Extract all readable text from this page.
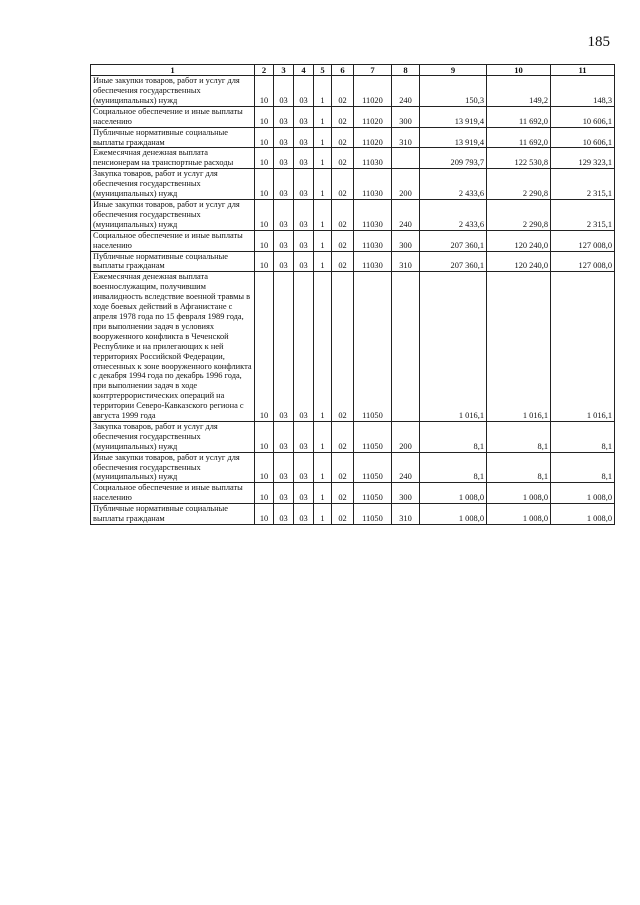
185
1	2	3	4	5	6	7	8	9	10	11
Иные закупки товаров, работ и услуг для обеспечения государственных (муниципальных) нужд	10	03	03	1	02	11020	240	150,3	149,2	148,3
Социальное обеспечение и иные выплаты населению	10	03	03	1	02	11020	300	13 919,4	11 692,0	10 606,1
Публичные нормативные социальные выплаты гражданам	10	03	03	1	02	11020	310	13 919,4	11 692,0	10 606,1
Ежемесячная денежная выплата пенсионерам на транспортные расходы	10	03	03	1	02	11030		209 793,7	122 530,8	129 323,1
Закупка товаров, работ и услуг для обеспечения государственных (муниципальных) нужд	10	03	03	1	02	11030	200	2 433,6	2 290,8	2 315,1
Иные закупки товаров, работ и услуг для обеспечения государственных (муниципальных) нужд	10	03	03	1	02	11030	240	2 433,6	2 290,8	2 315,1
Социальное обеспечение и иные выплаты населению	10	03	03	1	02	11030	300	207 360,1	120 240,0	127 008,0
Публичные нормативные социальные выплаты гражданам	10	03	03	1	02	11030	310	207 360,1	120 240,0	127 008,0
Ежемесячная денежная выплата военнослужащим, получившим инвалидность вследствие военной травмы в ходе боевых действий в Афганистане с апреля 1978 года по 15 февраля 1989 года, при выполнении задач в условиях вооруженного конфликта в Чеченской Республике и на прилегающих к ней территориях Российской Федерации, отнесенных к зоне вооруженного конфликта с декабря 1994 года по декабрь 1996 года, при выполнении задач в ходе контртеррористических операций на территории Северо-Кавказского региона с августа 1999 года	10	03	03	1	02	11050		1 016,1	1 016,1	1 016,1
Закупка товаров, работ и услуг для обеспечения государственных (муниципальных) нужд	10	03	03	1	02	11050	200	8,1	8,1	8,1
Иные закупки товаров, работ и услуг для обеспечения государственных (муниципальных) нужд	10	03	03	1	02	11050	240	8,1	8,1	8,1
Социальное обеспечение и иные выплаты населению	10	03	03	1	02	11050	300	1 008,0	1 008,0	1 008,0
Публичные нормативные социальные выплаты гражданам	10	03	03	1	02	11050	310	1 008,0	1 008,0	1 008,0
